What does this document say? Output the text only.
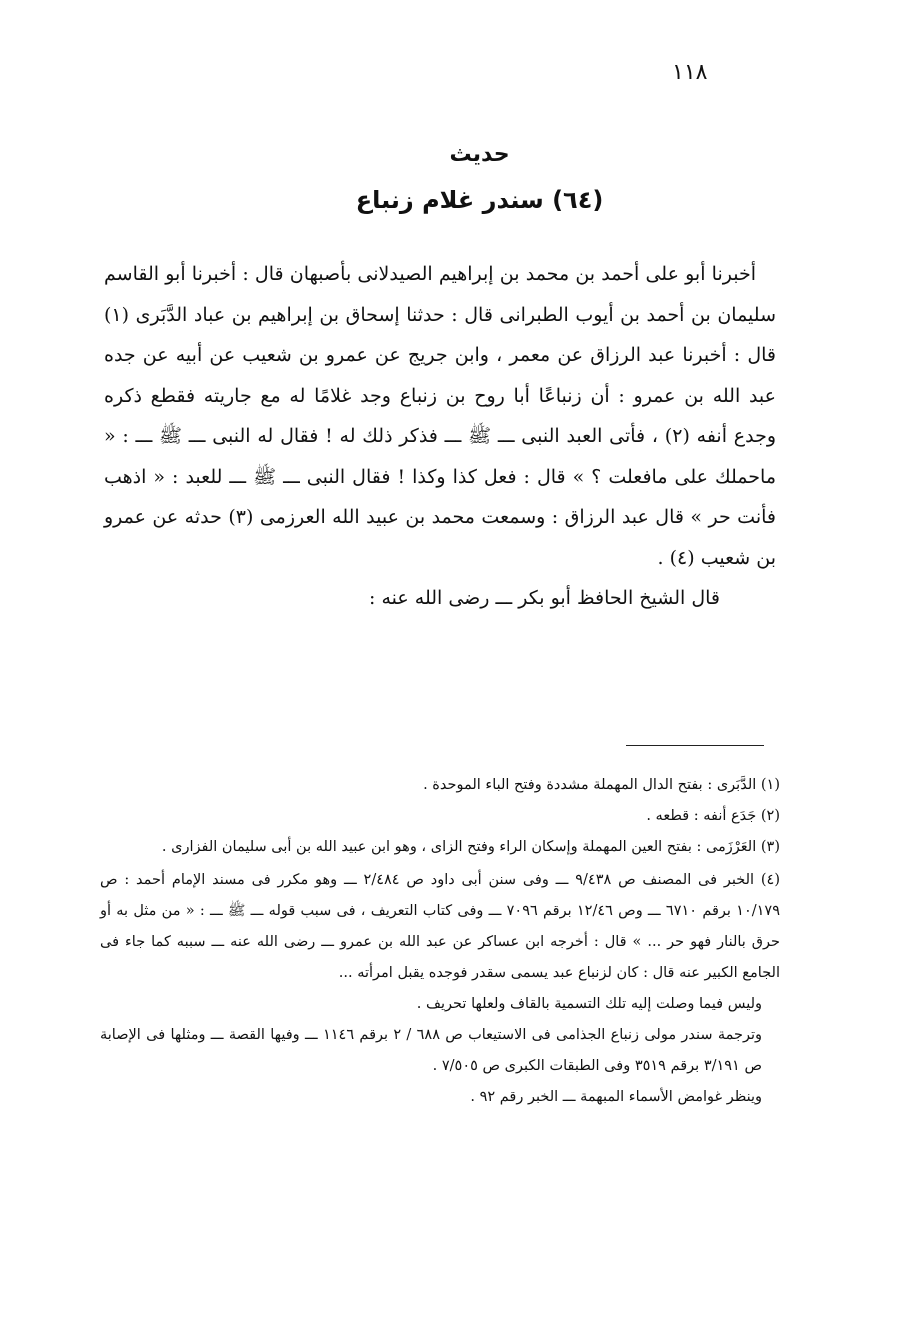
١١٨
حديث
(٦٤) سندر غلام زنباع

أخبرنا أبو على أحمد بن محمد بن إبراهيم الصيدلانى بأصبهان قال : أخبرنا أبو القاسم سليمان بن أحمد بن أيوب الطبرانى قال : حدثنا إسحاق بن إبراهيم بن عباد الدَّبَرى (١) قال : أخبرنا عبد الرزاق عن معمر ، وابن جريج عن عمرو بن شعيب عن أبيه عن جده عبد الله بن عمرو : أن زنباعًا أبا روح بن زنباع وجد غلامًا له مع جاريته فقطع ذكره وجدع أنفه (٢) ، فأتى العبد النبى ـــ ﷺ ـــ فذكر ذلك له ! فقال له النبى ـــ ﷺ ـــ : « ماحملك على مافعلت ؟ » قال : فعل كذا وكذا ! فقال النبى ـــ ﷺ ـــ للعبد : « اذهب فأنت حر » قال عبد الرزاق : وسمعت محمد بن عبيد الله العرزمى (٣) حدثه عن عمرو بن شعيب (٤) .

قال الشيخ الحافظ أبو بكر ـــ رضى الله عنه :

(١) الدَّبَرى : بفتح الدال المهملة مشددة وفتح الباء الموحدة .

(٢) جَدَع أنفه : قطعه .

(٣) العَرْزَمى : بفتح العين المهملة وإسكان الراء وفتح الزاى ، وهو ابن عبيد الله بن أبى سليمان الفزارى .

(٤) الخبر فى المصنف ص ٩/٤٣٨ ـــ وفى سنن أبى داود ص ٢/٤٨٤ ـــ وهو مكرر فى مسند الإمام أحمد : ص ١٠/١٧٩ برقم ٦٧١٠ ـــ وص ١٢/٤٦ برقم ٧٠٩٦ ـــ وفى كتاب التعريف ، فى سبب قوله ـــ ﷺ ـــ : « من مثل به أو حرق بالنار فهو حر ... » قال : أخرجه ابن عساكر عن عبد الله بن عمرو ـــ رضى الله عنه ـــ سببه كما جاء فى الجامع الكبير عنه قال : كان لزنباع عبد يسمى سقدر فوجده يقبل امرأته ...

وليس فيما وصلت إليه تلك التسمية بالقاف ولعلها تحريف .

وترجمة سندر مولى زنباع الجذامى فى الاستيعاب ص ٦٨٨ / ٢ برقم ١١٤٦ ـــ وفيها القصة ـــ ومثلها فى الإصابة ص ٣/١٩١ برقم ٣٥١٩ وفى الطبقات الكبرى ص ٧/٥٠٥ .

وينظر غوامض الأسماء المبهمة ـــ الخبر رقم ٩٢ .
